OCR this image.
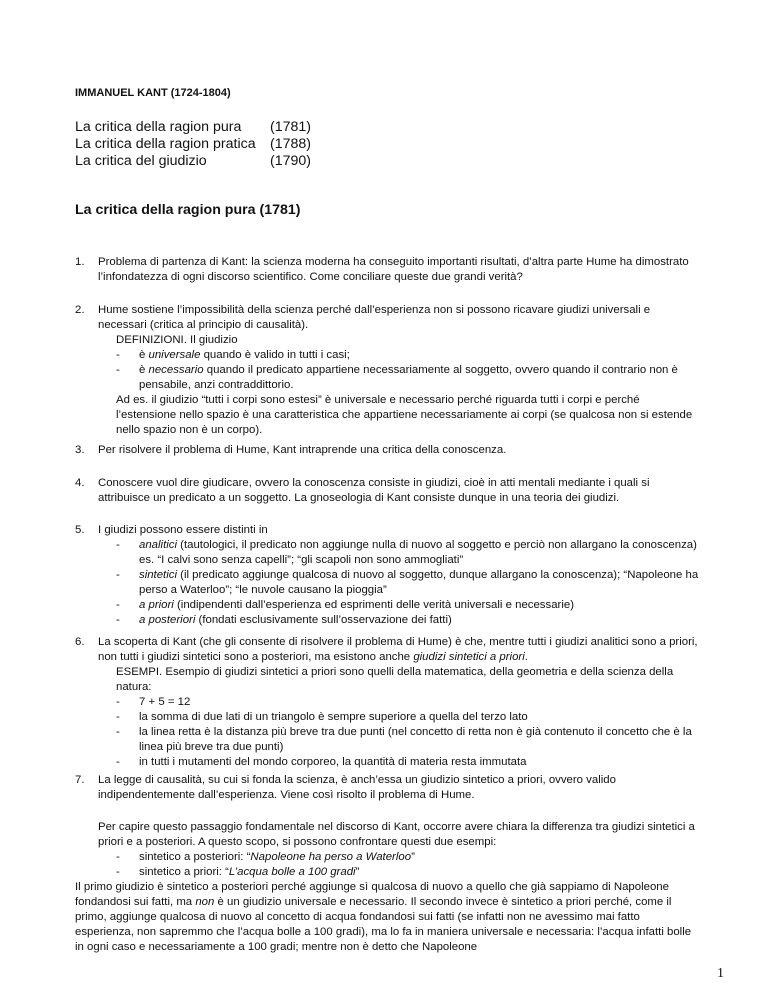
IMMANUEL KANT (1724-1804)
La critica della ragion pura	(1781)
La critica della ragion pratica	(1788)
La critica del giudizio	(1790)
La critica della ragion pura (1781)
1.	Problema di partenza di Kant: la scienza moderna ha conseguito importanti risultati, d’altra parte Hume ha dimostrato l’infondatezza di ogni discorso scientifico. Come conciliare queste due grandi verità?
2.	Hume sostiene l’impossibilità della scienza perché dall’esperienza non si possono ricavare giudizi universali e necessari (critica al principio di causalità).
DEFINIZIONI. Il giudizio
-	è universale quando è valido in tutti i casi;
-	è necessario quando il predicato appartiene necessariamente al soggetto, ovvero quando il contrario non è pensabile, anzi contraddittorio.
Ad es. il giudizio “tutti i corpi sono estesi” è universale e necessario perché riguarda tutti i corpi e perché l’estensione nello spazio è una caratteristica che appartiene necessariamente ai corpi (se qualcosa non si estende nello spazio non è un corpo).
3.	Per risolvere il problema di Hume, Kant intraprende una critica della conoscenza.
4.	Conoscere vuol dire giudicare, ovvero la conoscenza consiste in giudizi, cioè in atti mentali mediante i quali si attribuisce un predicato a un soggetto. La gnoseologia di Kant consiste dunque in una teoria dei giudizi.
5.	I giudizi possono essere distinti in
-	analitici (tautologici, il predicato non aggiunge nulla di nuovo al soggetto e perciò non allargano la conoscenza) es. “I calvi sono senza capelli”; “gli scapoli non sono ammogliati”
-	sintetici (il predicato aggiunge qualcosa di nuovo al soggetto, dunque allargano la conoscenza); “Napoleone ha perso a Waterloo”; “le nuvole causano la pioggia”
-	a priori (indipendenti dall’esperienza ed esprimenti delle verità universali e necessarie)
-	a posteriori (fondati esclusivamente sull’osservazione dei fatti)
6.	La scoperta di Kant (che gli consente di risolvere il problema di Hume) è che, mentre tutti i giudizi analitici sono a priori, non tutti i giudizi sintetici sono a posteriori, ma esistono anche giudizi sintetici a priori.
ESEMPI. Esempio di giudizi sintetici a priori sono quelli della matematica, della geometria e della scienza della natura:
-	7 + 5 = 12
-	la somma di due lati di un triangolo è sempre superiore a quella del terzo lato
-	la linea retta è la distanza più breve tra due punti (nel concetto di retta non è già contenuto il concetto che è la linea più breve tra due punti)
-	in tutti i mutamenti del mondo corporeo, la quantità di materia resta immutata
7.	La legge di causalità, su cui si fonda la scienza, è anch’essa un giudizio sintetico a priori, ovvero valido indipendentemente dall’esperienza. Viene così risolto il problema di Hume.
Per capire questo passaggio fondamentale nel discorso di Kant, occorre avere chiara la differenza tra giudizi sintetici a priori e a posteriori. A questo scopo, si possono confrontare questi due esempi:
-	sintetico a posteriori: “Napoleone ha perso a Waterloo”
-	sintetico a priori: “L’acqua bolle a 100 gradi”
Il primo giudizio è sintetico a posteriori perché aggiunge sì qualcosa di nuovo a quello che già sappiamo di Napoleone fondandosi sui fatti, ma non è un giudizio universale e necessario. Il secondo invece è sintetico a priori perché, come il primo, aggiunge qualcosa di nuovo al concetto di acqua fondandosi sui fatti (se infatti non ne avessimo mai fatto esperienza, non sapremmo che l’acqua bolle a 100 gradi), ma lo fa in maniera universale e necessaria: l’acqua infatti bolle in ogni caso e necessariamente a 100 gradi; mentre non è detto che Napoleone
1
